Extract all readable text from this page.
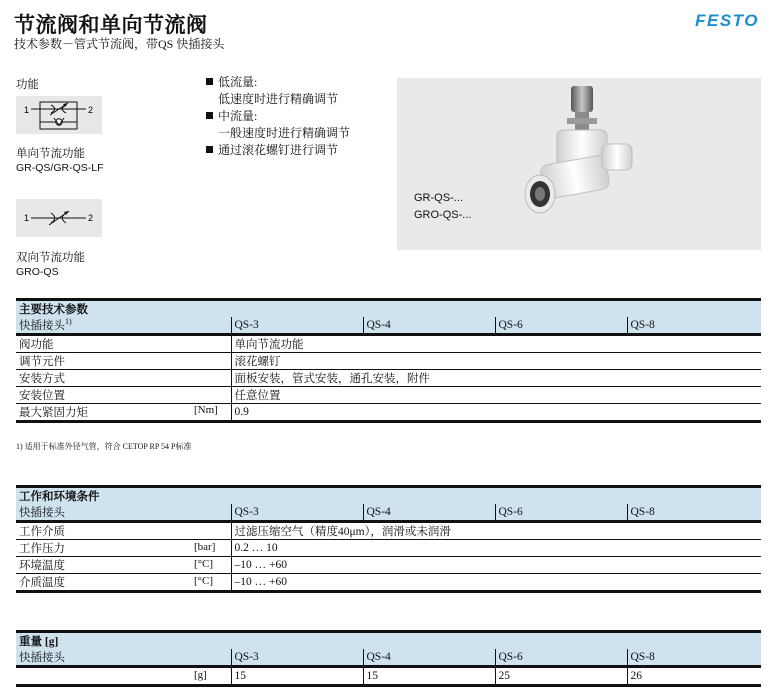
节流阀和单向节流阀
技术参数－管式节流阀，带QS 快插接头
FESTO
功能
1	2
单向节流功能
GR-QS/GR-QS-LF
1	2
双向节流功能
GRO-QS
低流量:
低速度时进行精确调节
中流量:
一般速度时进行精确调节
通过滚花螺钉进行调节
GR-QS-...
GRO-QS-...
主要技术参数				
快插接头$^{1)}$	QS-3	QS-4	QS-6	QS-8
阀功能	单向节流功能			
调节元件	滚花螺钉			
安装方式	面板安装，管式安装，通孔安装，附件			
安装位置	任意位置			
最大紧固力矩 [Nm]	0.9			
1) 适用于标准外径气管，符合 CETOP RP 54 P标准
工作和环境条件				
快插接头	QS-3	QS-4	QS-6	QS-8
工作介质	过滤压缩空气（精度40μm），润滑或未润滑			
工作压力 [bar]	0.2 … 10			
环境温度 [°C]	–10 … +60			
介质温度 [°C]	–10 … +60			
重量 [g]				
快插接头	QS-3	QS-4	QS-6	QS-8

[g]	15	15	25	26
